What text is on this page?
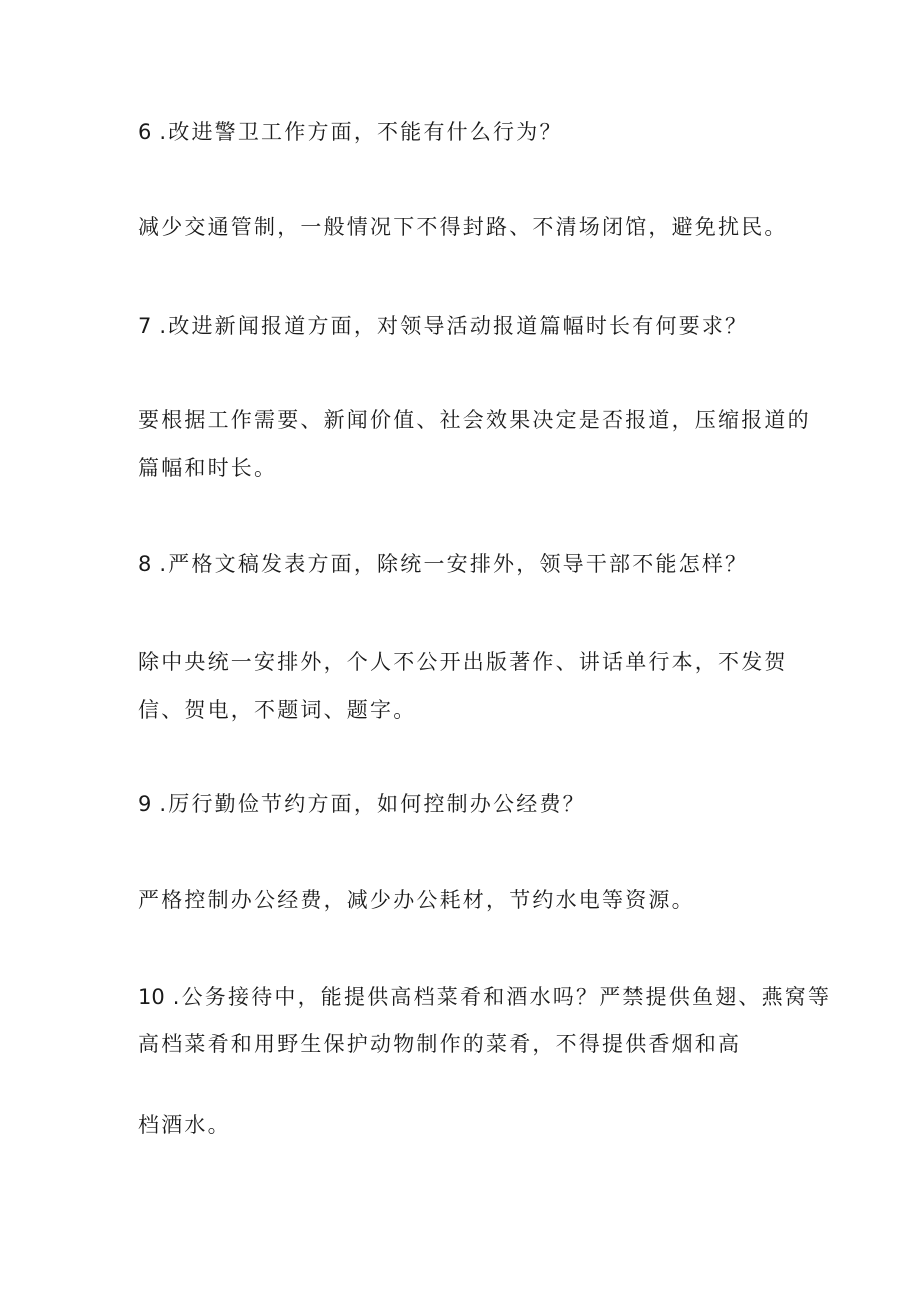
6 .改进警卫工作方面，不能有什么行为？
减少交通管制，一般情况下不得封路、不清场闭馆，避免扰民。
7 .改进新闻报道方面，对领导活动报道篇幅时长有何要求？
要根据工作需要、新闻价值、社会效果决定是否报道，压缩报道的
篇幅和时长。
8 .严格文稿发表方面，除统一安排外，领导干部不能怎样？
除中央统一安排外，个人不公开出版著作、讲话单行本，不发贺
信、贺电，不题词、题字。
9 .厉行勤俭节约方面，如何控制办公经费？
严格控制办公经费，减少办公耗材，节约水电等资源。
10 .公务接待中，能提供高档菜肴和酒水吗？严禁提供鱼翅、燕窝等
高档菜肴和用野生保护动物制作的菜肴，不得提供香烟和高
档酒水。
